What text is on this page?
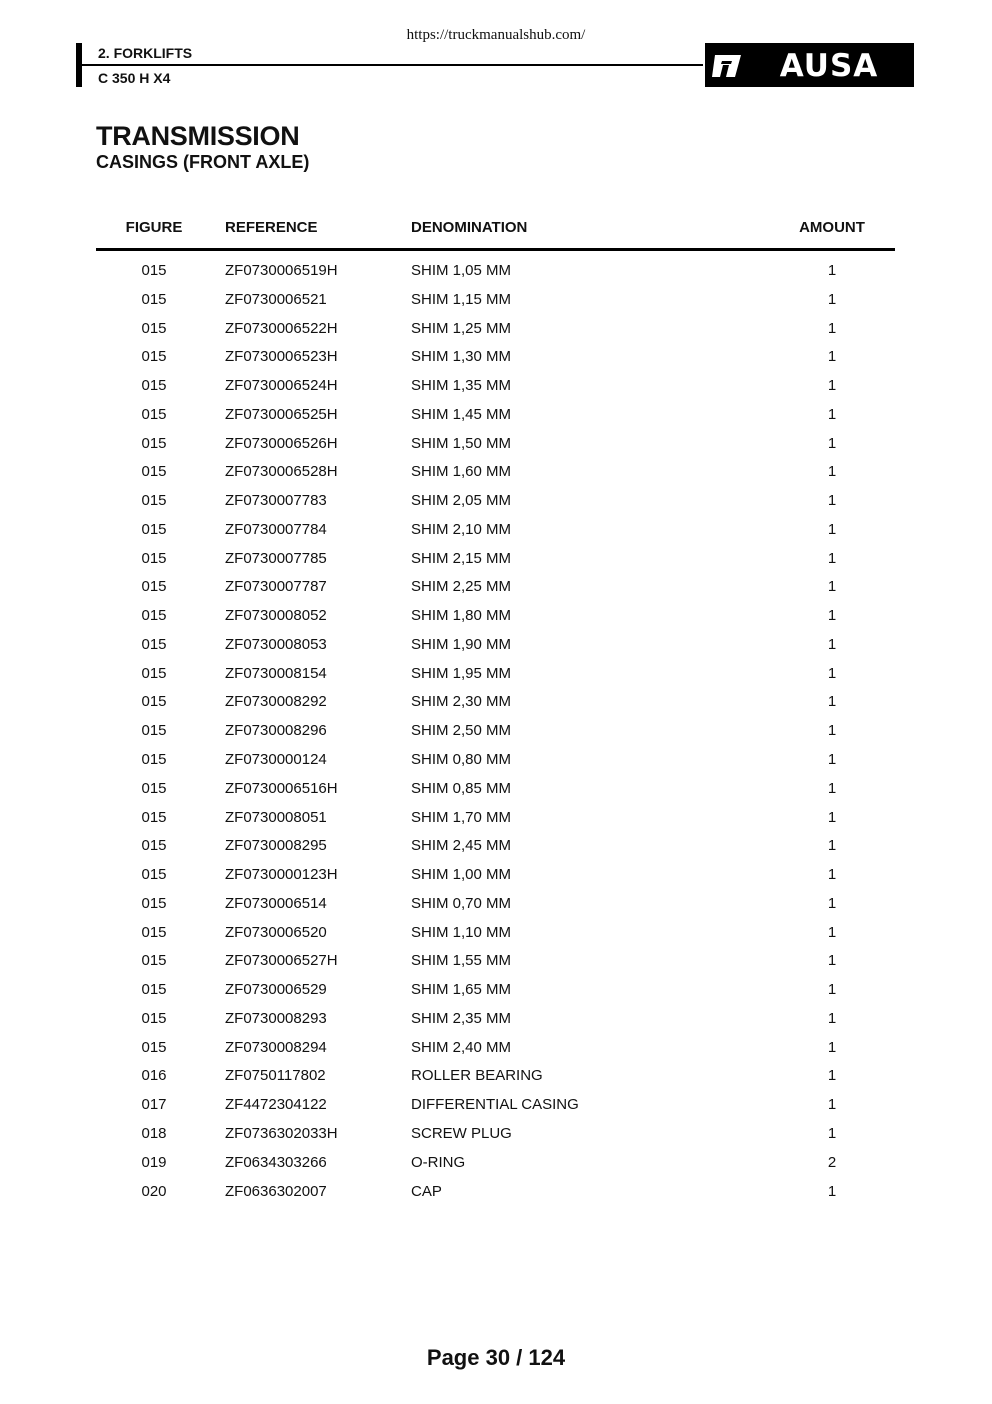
https://truckmanualshub.com/
2. FORKLIFTS
C 350 H X4	AUSA
TRANSMISSION
CASINGS (FRONT AXLE)
FIGURE	REFERENCE	DENOMINATION	AMOUNT
015	ZF0730006519H	SHIM 1,05 MM	1
015	ZF0730006521	SHIM 1,15 MM	1
015	ZF0730006522H	SHIM 1,25 MM	1
015	ZF0730006523H	SHIM 1,30 MM	1
015	ZF0730006524H	SHIM 1,35 MM	1
015	ZF0730006525H	SHIM 1,45 MM	1
015	ZF0730006526H	SHIM 1,50 MM	1
015	ZF0730006528H	SHIM 1,60 MM	1
015	ZF0730007783	SHIM 2,05 MM	1
015	ZF0730007784	SHIM 2,10 MM	1
015	ZF0730007785	SHIM 2,15 MM	1
015	ZF0730007787	SHIM 2,25 MM	1
015	ZF0730008052	SHIM 1,80 MM	1
015	ZF0730008053	SHIM 1,90 MM	1
015	ZF0730008154	SHIM 1,95 MM	1
015	ZF0730008292	SHIM 2,30 MM	1
015	ZF0730008296	SHIM 2,50 MM	1
015	ZF0730000124	SHIM 0,80 MM	1
015	ZF0730006516H	SHIM 0,85 MM	1
015	ZF0730008051	SHIM 1,70 MM	1
015	ZF0730008295	SHIM 2,45 MM	1
015	ZF0730000123H	SHIM 1,00 MM	1
015	ZF0730006514	SHIM 0,70 MM	1
015	ZF0730006520	SHIM 1,10 MM	1
015	ZF0730006527H	SHIM 1,55 MM	1
015	ZF0730006529	SHIM 1,65 MM	1
015	ZF0730008293	SHIM 2,35 MM	1
015	ZF0730008294	SHIM 2,40 MM	1
016	ZF0750117802	ROLLER BEARING	1
017	ZF4472304122	DIFFERENTIAL CASING	1
018	ZF0736302033H	SCREW PLUG	1
019	ZF0634303266	O-RING	2
020	ZF0636302007	CAP	1
Page 30 / 124
